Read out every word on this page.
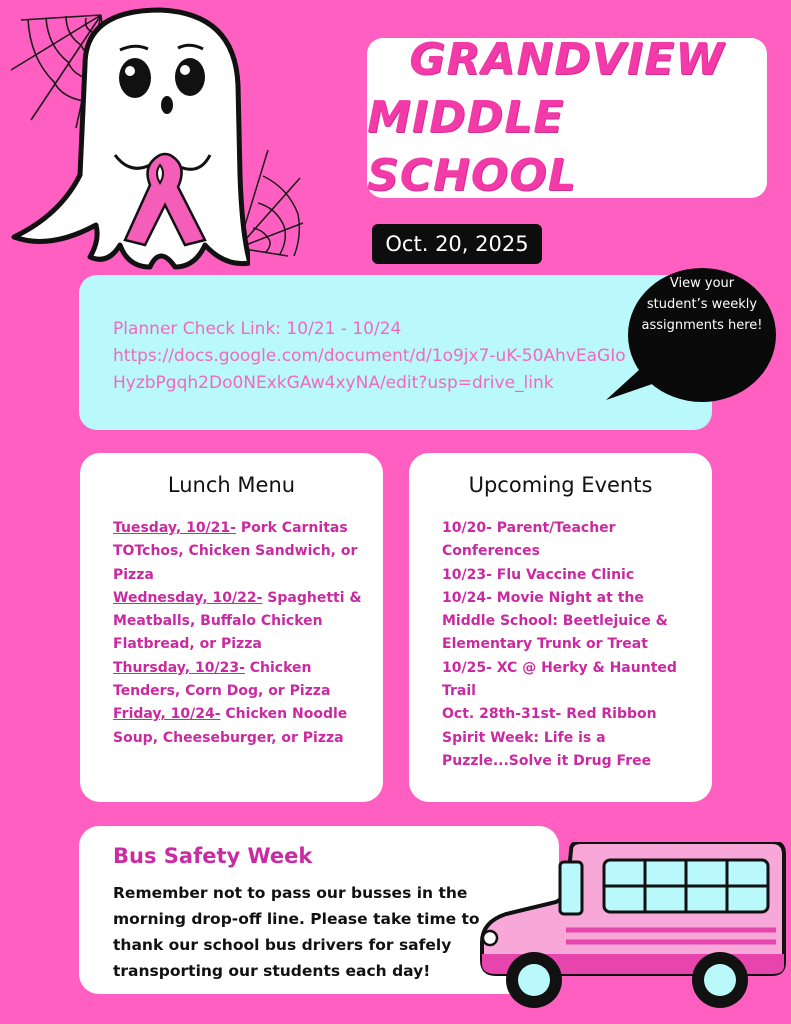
GRANDVIEW
MIDDLE SCHOOL
Oct. 20, 2025
Planner Check Link: 10/21 - 10/24
https://docs.google.com/document/d/1o9jx7-uK-50AhvEaGIoHyzbPgqh2Do0NExkGAw4xyNA/edit?usp=drive_link
View your student’s weekly assignments here!
Lunch Menu
Tuesday, 10/21- Pork Carnitas TOTchos, Chicken Sandwich, or Pizza
Wednesday, 10/22- Spaghetti & Meatballs, Buffalo Chicken Flatbread, or Pizza
Thursday, 10/23- Chicken Tenders, Corn Dog, or Pizza
Friday, 10/24- Chicken Noodle Soup, Cheeseburger, or Pizza
Upcoming Events
10/20- Parent/Teacher Conferences
10/23- Flu Vaccine Clinic
10/24- Movie Night at the Middle School: Beetlejuice & Elementary Trunk or Treat
10/25- XC @ Herky & Haunted Trail
Oct. 28th-31st- Red Ribbon Spirit Week: Life is a Puzzle...Solve it Drug Free
Bus Safety Week
Remember not to pass our busses in the morning drop-off line. Please take time to thank our school bus drivers for safely transporting our students each day!
